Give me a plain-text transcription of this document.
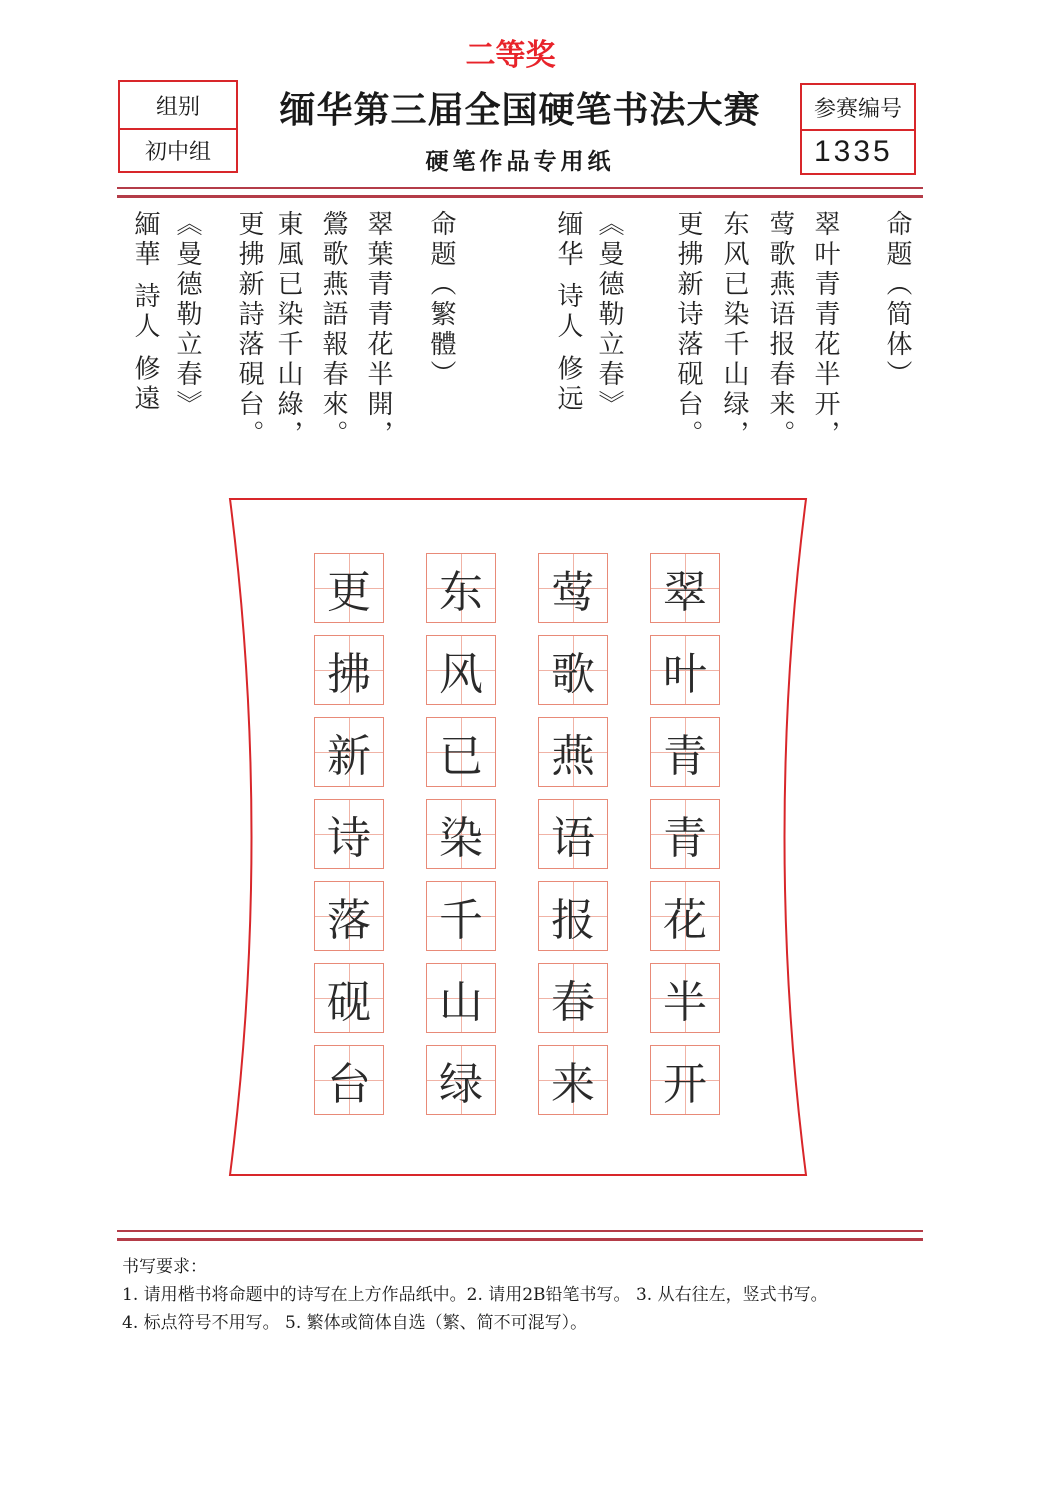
二等奖
组别
初中组
缅华第三届全国硬笔书法大赛
硬笔作品专用纸
参赛编号
1335
命题（简体）
翠叶青青花半开，
莺歌燕语报春来。
东风已染千山绿，
更拂新诗落砚台。
《曼德勒立春》
缅华 诗人 修远
命题（繁體）
翠葉青青花半開，
鶯歌燕語報春來。
東風已染千山綠，
更拂新詩落硯台。
《曼德勒立春》
緬華 詩人 修遠
翠
叶
青
青
花
半
开
莺
歌
燕
语
报
春
来
东
风
已
染
千
山
绿
更
拂
新
诗
落
砚
台
书写要求：
1. 请用楷书将命题中的诗写在上方作品纸中。2. 请用2B铅笔书写。 3. 从右往左，竖式书写。
4. 标点符号不用写。 5. 繁体或简体自选（繁、简不可混写）。
